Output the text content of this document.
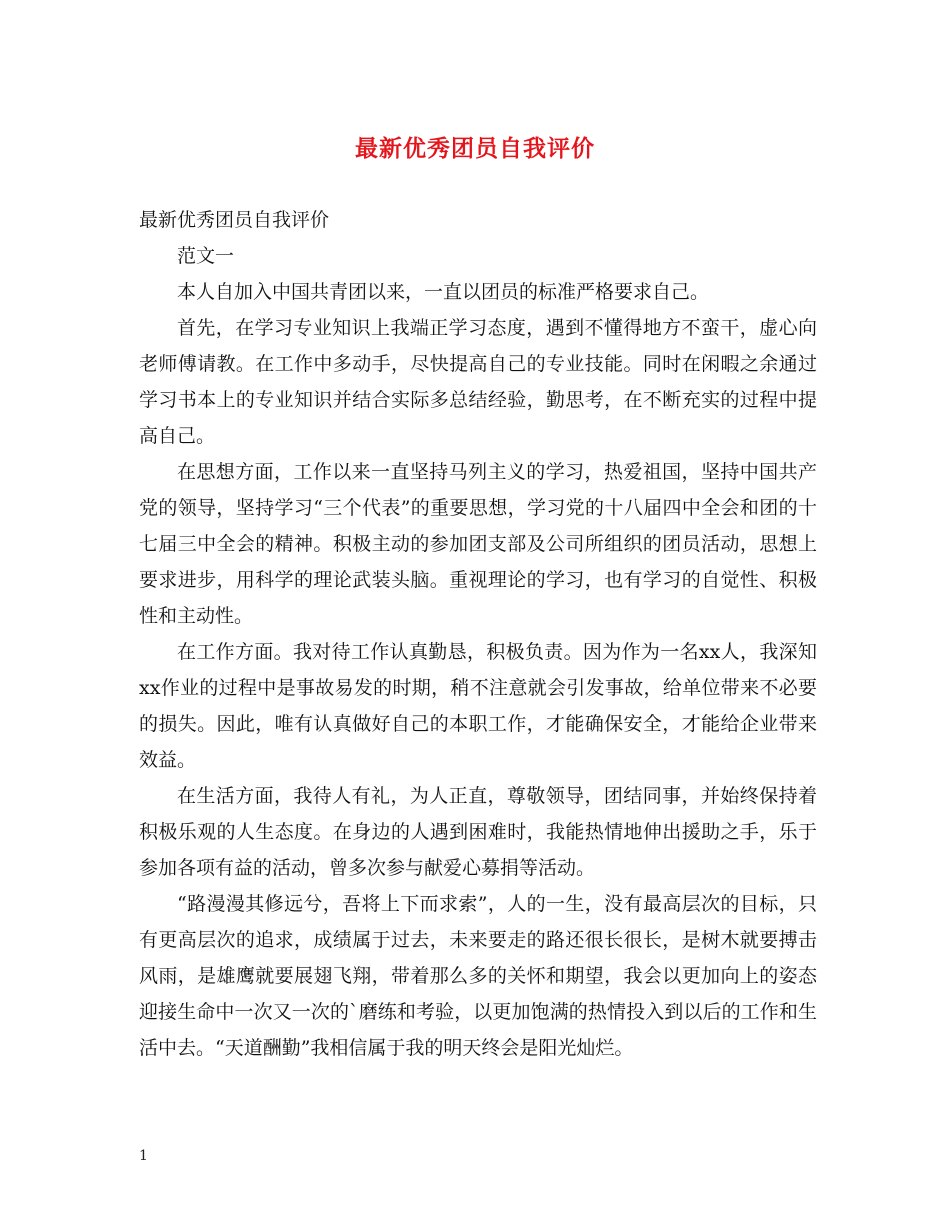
最新优秀团员自我评价

最新优秀团员自我评价

范文一

本人自加入中国共青团以来，一直以团员的标准严格要求自己。

首先，在学习专业知识上我端正学习态度，遇到不懂得地方不蛮干，虚心向老师傅请教。在工作中多动手，尽快提高自己的专业技能。同时在闲暇之余通过学习书本上的专业知识并结合实际多总结经验，勤思考，在不断充实的过程中提高自己。

在思想方面，工作以来一直坚持马列主义的学习，热爱祖国，坚持中国共产党的领导，坚持学习“三个代表”的重要思想，学习党的十八届四中全会和团的十七届三中全会的精神。积极主动的参加团支部及公司所组织的团员活动，思想上要求进步，用科学的理论武装头脑。重视理论的学习，也有学习的自觉性、积极性和主动性。

在工作方面。我对待工作认真勤恳，积极负责。因为作为一名xx人，我深知xx作业的过程中是事故易发的时期，稍不注意就会引发事故，给单位带来不必要的损失。因此，唯有认真做好自己的本职工作，才能确保安全，才能给企业带来效益。

在生活方面，我待人有礼，为人正直，尊敬领导，团结同事，并始终保持着积极乐观的人生态度。在身边的人遇到困难时，我能热情地伸出援助之手，乐于参加各项有益的活动，曾多次参与献爱心募捐等活动。

“路漫漫其修远兮，吾将上下而求索”，人的一生，没有最高层次的目标，只有更高层次的追求，成绩属于过去，未来要走的路还很长很长，是树木就要搏击风雨，是雄鹰就要展翅飞翔，带着那么多的关怀和期望，我会以更加向上的姿态迎接生命中一次又一次的`磨练和考验，以更加饱满的热情投入到以后的工作和生活中去。“天道酬勤”我相信属于我的明天终会是阳光灿烂。

1
